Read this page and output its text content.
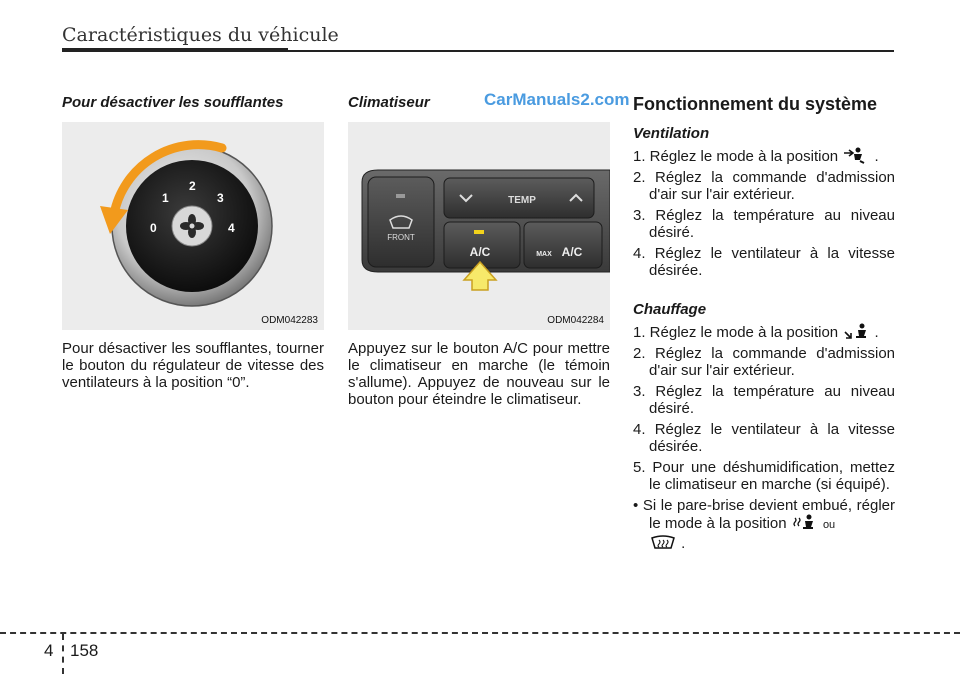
Caractéristiques du véhicule
Pour désactiver les soufflantes
0
1
2
3
4
ODM042283
Pour désactiver les soufflantes, tourner le bouton du régulateur de vitesse des ventilateurs à la position “0”.
Climatiseur	CarManuals2.com
FRONT
TEMP
A/C	MAX A/C
ODM042284
Appuyez sur le bouton A/C pour mettre le climatiseur en marche (le témoin s'allume). Appuyez de nouveau sur le bouton pour éteindre le climatiseur.
Fonctionnement du système
Ventilation
1. Réglez le mode à la position .
2. Réglez la commande d'admission d'air sur l'air extérieur.
3. Réglez la température au niveau désiré.
4. Réglez le ventilateur à la vitesse désirée.
Chauffage
1. Réglez le mode à la position .
2. Réglez la commande d'admission d'air sur l'air extérieur.
3. Réglez la température au niveau désiré.
4. Réglez le ventilateur à la vitesse désirée.
5. Pour une déshumidification, mettez le climatiseur en marche (si équipé).
• Si le pare-brise devient embué, régler le mode à la position	ou
.
4 158
